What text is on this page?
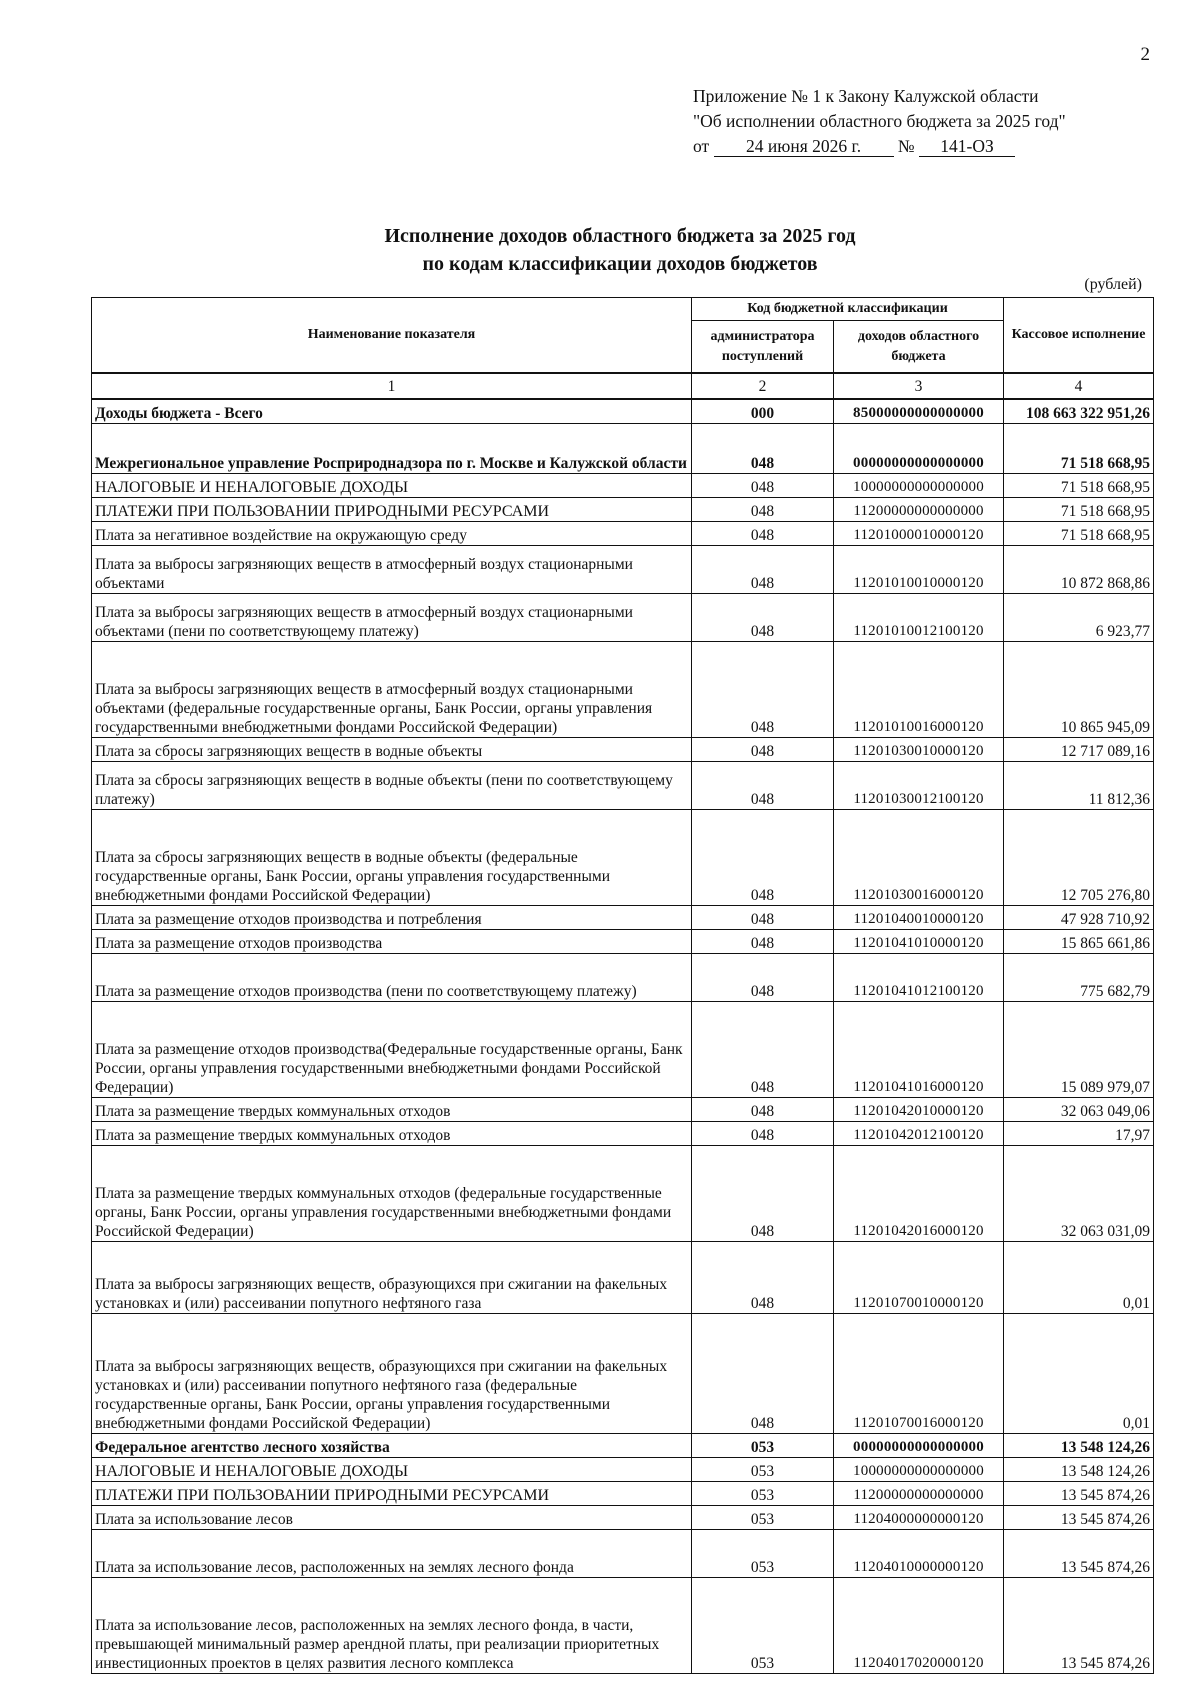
2
Приложение № 1 к Закону Калужской области
"Об исполнении областного бюджета за 2025 год"
от 24 июня 2026 г. № 141-ОЗ
Исполнение доходов областного бюджета за 2025 год
по кодам классификации доходов бюджетов
(рублей)
Наименование показателя	Код бюджетной классификации		Кассовое исполнение
	администратора поступлений	доходов областного бюджета	
1	2	3	4
Доходы бюджета - Всего	000	85000000000000000	108 663 322 951,26
Межрегиональное управление Росприроднадзора по г. Москве и Калужской области	048	00000000000000000	71 518 668,95
НАЛОГОВЫЕ И НЕНАЛОГОВЫЕ ДОХОДЫ	048	10000000000000000	71 518 668,95
ПЛАТЕЖИ ПРИ ПОЛЬЗОВАНИИ ПРИРОДНЫМИ РЕСУРСАМИ	048	11200000000000000	71 518 668,95
Плата за негативное воздействие на окружающую среду	048	11201000010000120	71 518 668,95
Плата за выбросы загрязняющих веществ в атмосферный воздух стационарными объектами	048	11201010010000120	10 872 868,86
Плата за выбросы загрязняющих веществ в атмосферный воздух стационарными объектами (пени по соответствующему платежу)	048	11201010012100120	6 923,77
Плата за выбросы загрязняющих веществ в атмосферный воздух стационарными объектами (федеральные государственные органы, Банк России, органы управления государственными внебюджетными фондами Российской Федерации)	048	11201010016000120	10 865 945,09
Плата за сбросы загрязняющих веществ в водные объекты	048	11201030010000120	12 717 089,16
Плата за сбросы загрязняющих веществ в водные объекты (пени по соответствующему платежу)	048	11201030012100120	11 812,36
Плата за сбросы загрязняющих веществ в водные объекты (федеральные государственные органы, Банк России, органы управления государственными внебюджетными фондами Российской Федерации)	048	11201030016000120	12 705 276,80
Плата за размещение отходов производства и потребления	048	11201040010000120	47 928 710,92
Плата за размещение отходов производства	048	11201041010000120	15 865 661,86
Плата за размещение отходов производства (пени по соответствующему платежу)	048	11201041012100120	775 682,79
Плата за размещение отходов производства(Федеральные государственные органы, Банк России, органы управления государственными внебюджетными фондами Российской Федерации)	048	11201041016000120	15 089 979,07
Плата за размещение твердых коммунальных отходов	048	11201042010000120	32 063 049,06
Плата за размещение твердых коммунальных отходов	048	11201042012100120	17,97
Плата за размещение твердых коммунальных отходов (федеральные государственные органы, Банк России, органы управления государственными внебюджетными фондами Российской Федерации)	048	11201042016000120	32 063 031,09
Плата за выбросы загрязняющих веществ, образующихся при сжигании на факельных установках и (или) рассеивании попутного нефтяного газа	048	11201070010000120	0,01
Плата за выбросы загрязняющих веществ, образующихся при сжигании на факельных установках и (или) рассеивании попутного нефтяного газа (федеральные государственные органы, Банк России, органы управления государственными внебюджетными фондами Российской Федерации)	048	11201070016000120	0,01
Федеральное агентство лесного хозяйства	053	00000000000000000	13 548 124,26
НАЛОГОВЫЕ И НЕНАЛОГОВЫЕ ДОХОДЫ	053	10000000000000000	13 548 124,26
ПЛАТЕЖИ ПРИ ПОЛЬЗОВАНИИ ПРИРОДНЫМИ РЕСУРСАМИ	053	11200000000000000	13 545 874,26
Плата за использование лесов	053	11204000000000120	13 545 874,26
Плата за использование лесов, расположенных на землях лесного фонда	053	11204010000000120	13 545 874,26
Плата за использование лесов, расположенных на землях лесного фонда, в части, превышающей минимальный размер арендной платы, при реализации приоритетных инвестиционных проектов в целях развития лесного комплекса	053	11204017020000120	13 545 874,26
